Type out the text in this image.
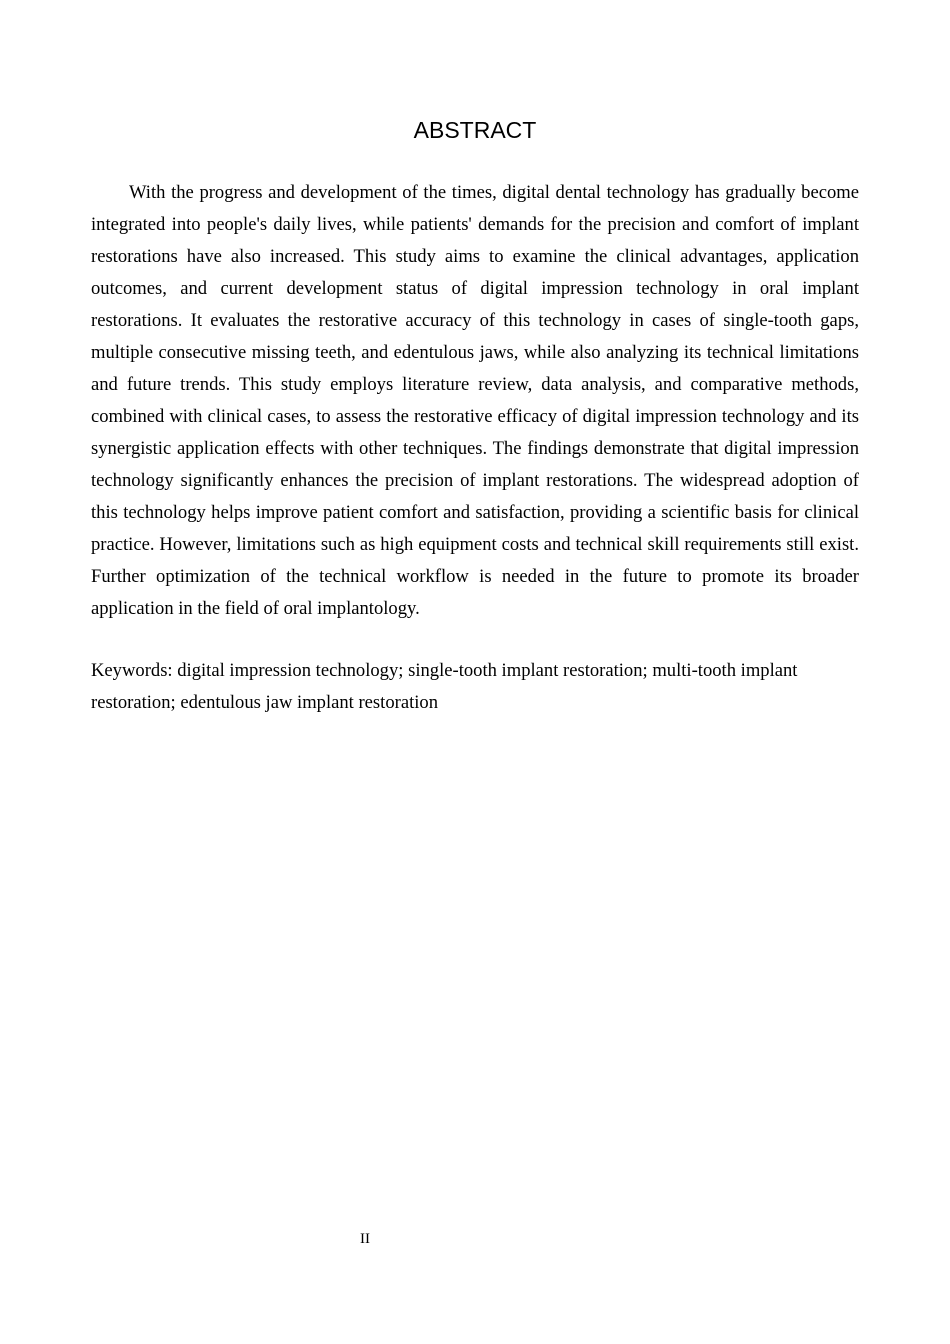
ABSTRACT

With the progress and development of the times, digital dental technology has gradually become integrated into people's daily lives, while patients' demands for the precision and comfort of implant restorations have also increased. This study aims to examine the clinical advantages, application outcomes, and current development status of digital impression technology in oral implant restorations. It evaluates the restorative accuracy of this technology in cases of single-tooth gaps, multiple consecutive missing teeth, and edentulous jaws, while also analyzing its technical limitations and future trends. This study employs literature review, data analysis, and comparative methods, combined with clinical cases, to assess the restorative efficacy of digital impression technology and its synergistic application effects with other techniques. The findings demonstrate that digital impression technology significantly enhances the precision of implant restorations. The widespread adoption of this technology helps improve patient comfort and satisfaction, providing a scientific basis for clinical practice. However, limitations such as high equipment costs and technical skill requirements still exist. Further optimization of the technical workflow is needed in the future to promote its broader application in the field of oral implantology.

Keywords: digital impression technology; single-tooth implant restoration; multi-tooth implant restoration; edentulous jaw implant restoration

II
